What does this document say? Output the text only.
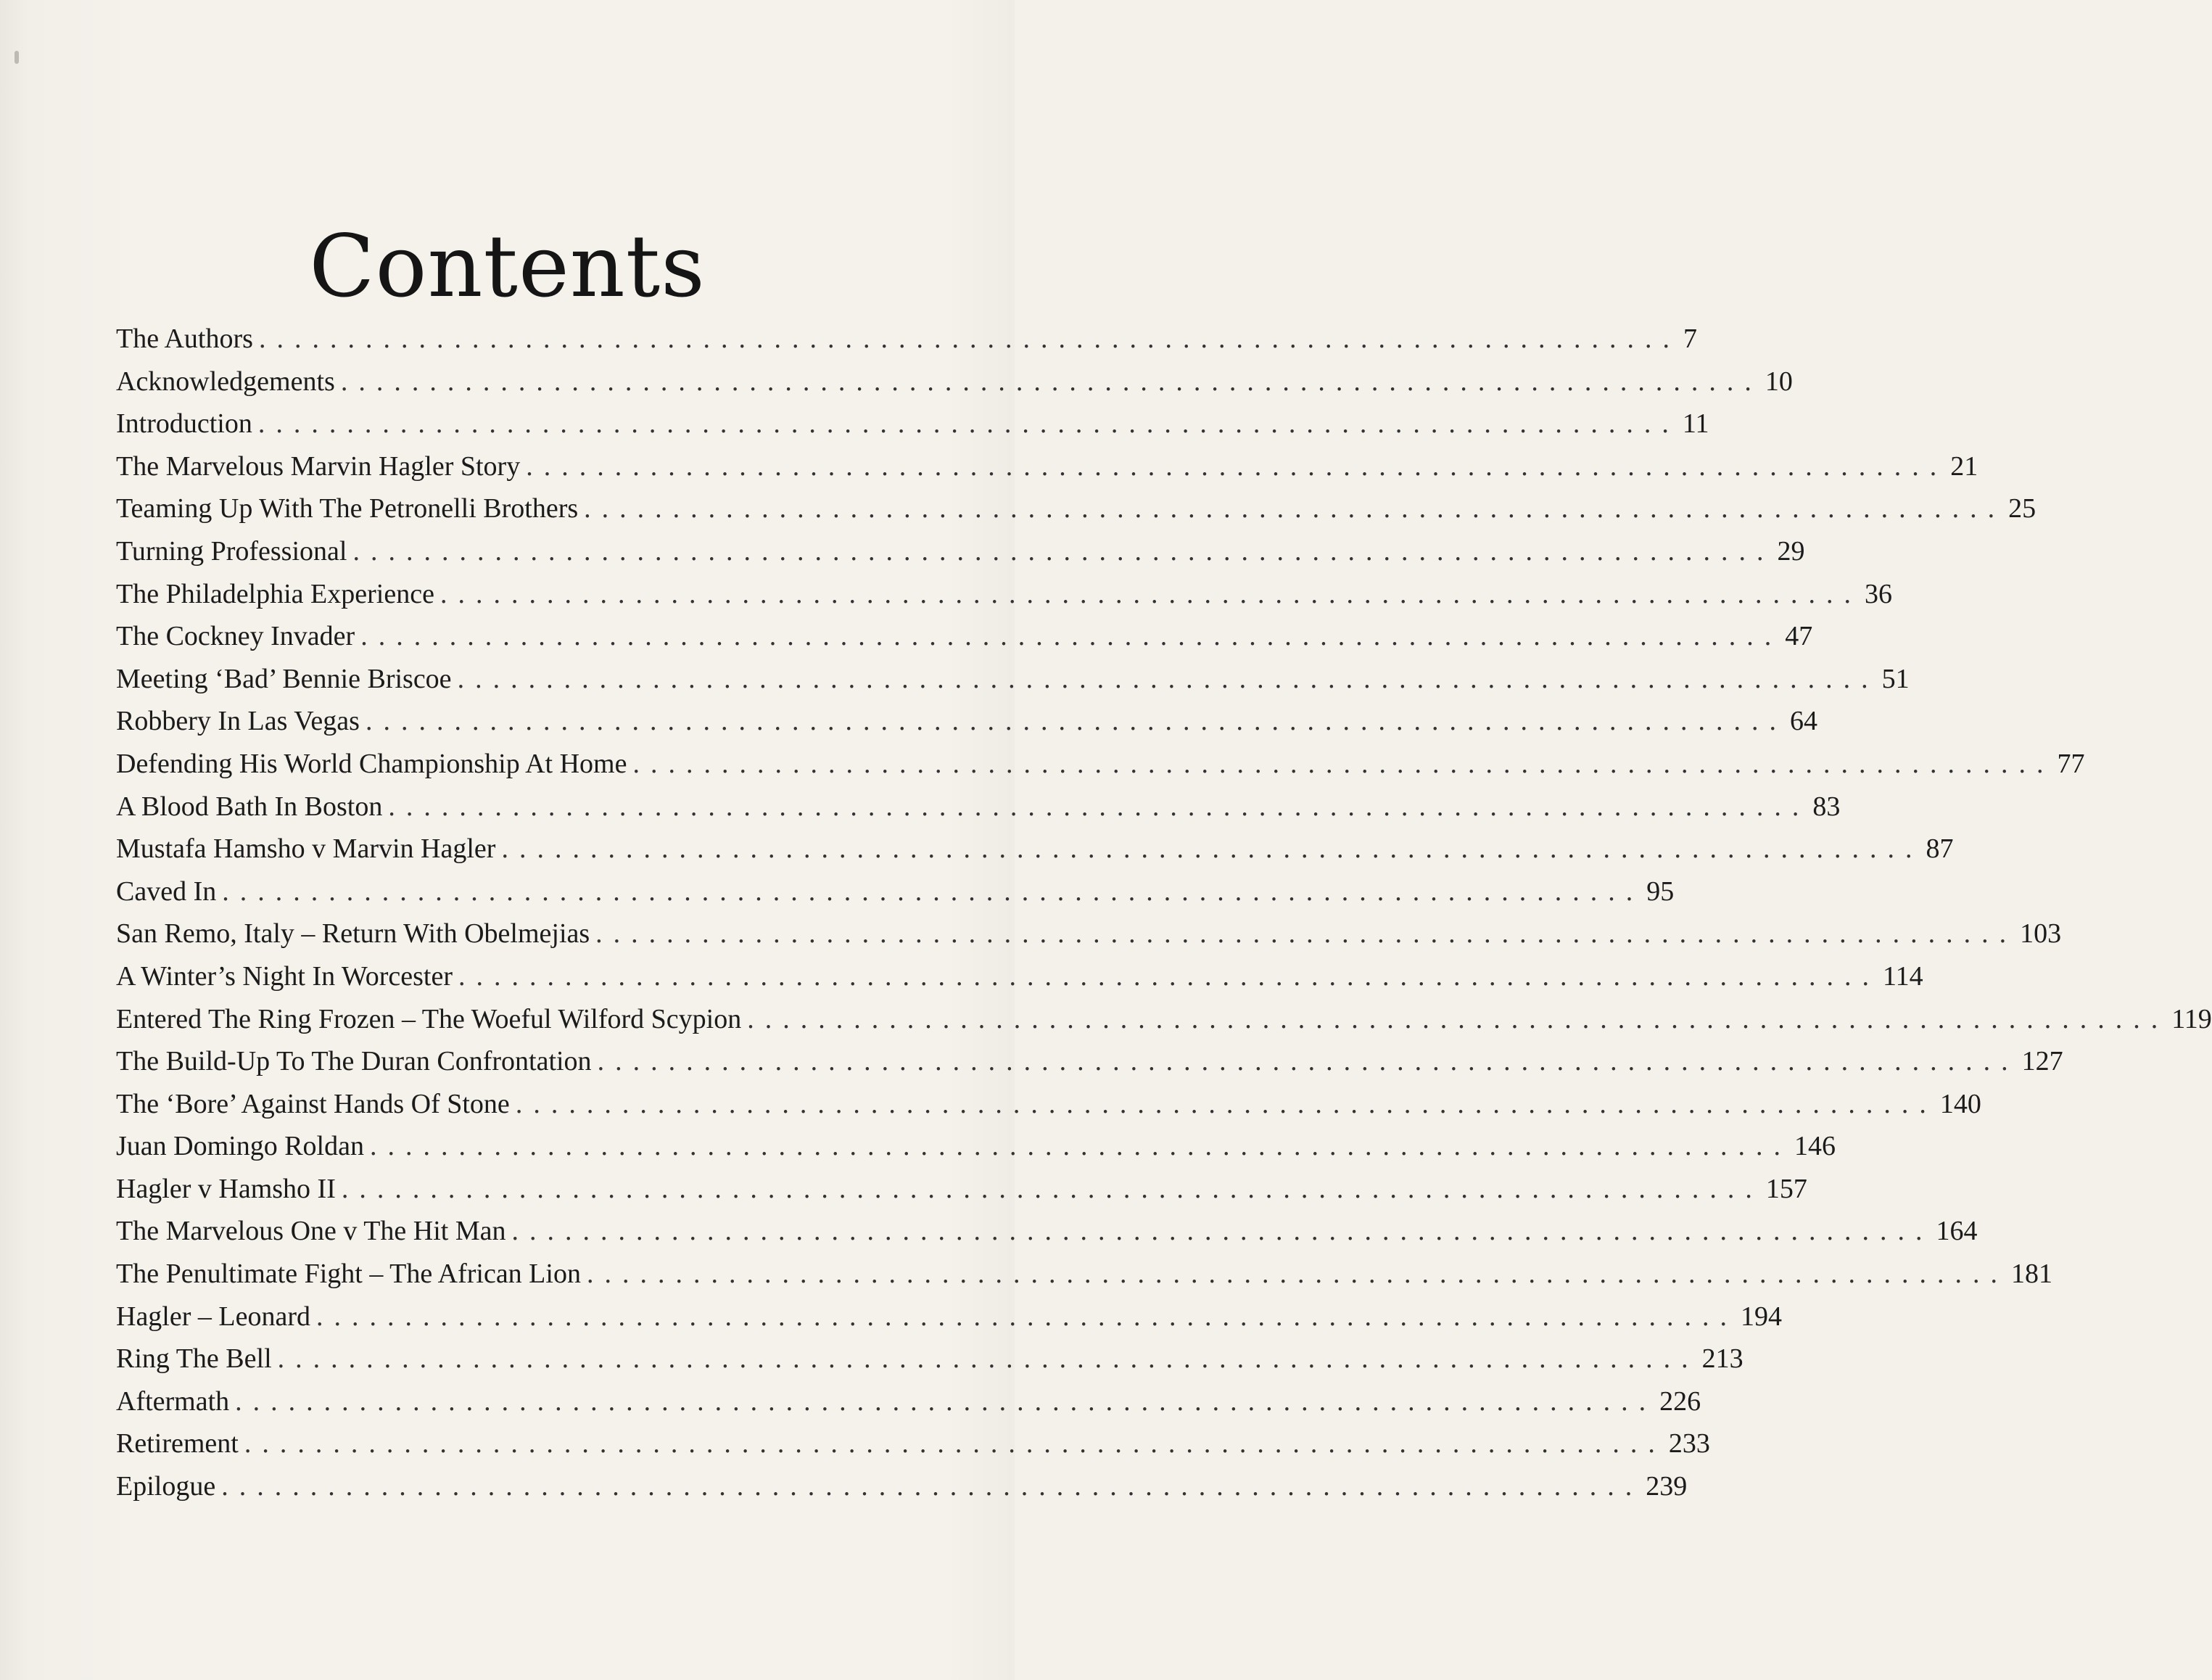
Contents
The Authors ................................................................................ 7
Acknowledgements ................................................................................ 10
Introduction ................................................................................ 11
The Marvelous Marvin Hagler Story ................................................................................ 21
Teaming Up With The Petronelli Brothers ................................................................................ 25
Turning Professional ................................................................................ 29
The Philadelphia Experience ................................................................................ 36
The Cockney Invader ................................................................................ 47
Meeting ‘Bad’ Bennie Briscoe ................................................................................ 51
Robbery In Las Vegas ................................................................................ 64
Defending His World Championship At Home ................................................................................ 77
A Blood Bath In Boston ................................................................................ 83
Mustafa Hamsho v Marvin Hagler ................................................................................ 87
Caved In ................................................................................ 95
San Remo, Italy – Return With Obelmejias ................................................................................ 103
A Winter’s Night In Worcester ................................................................................ 114
Entered The Ring Frozen – The Woeful Wilford Scypion ................................................................................ 119
The Build-Up To The Duran Confrontation ................................................................................ 127
The ‘Bore’ Against Hands Of Stone ................................................................................ 140
Juan Domingo Roldan ................................................................................ 146
Hagler v Hamsho II ................................................................................ 157
The Marvelous One v The Hit Man ................................................................................ 164
The Penultimate Fight – The African Lion ................................................................................ 181
Hagler – Leonard ................................................................................ 194
Ring The Bell ................................................................................ 213
Aftermath ................................................................................ 226
Retirement ................................................................................ 233
Epilogue ................................................................................ 239
